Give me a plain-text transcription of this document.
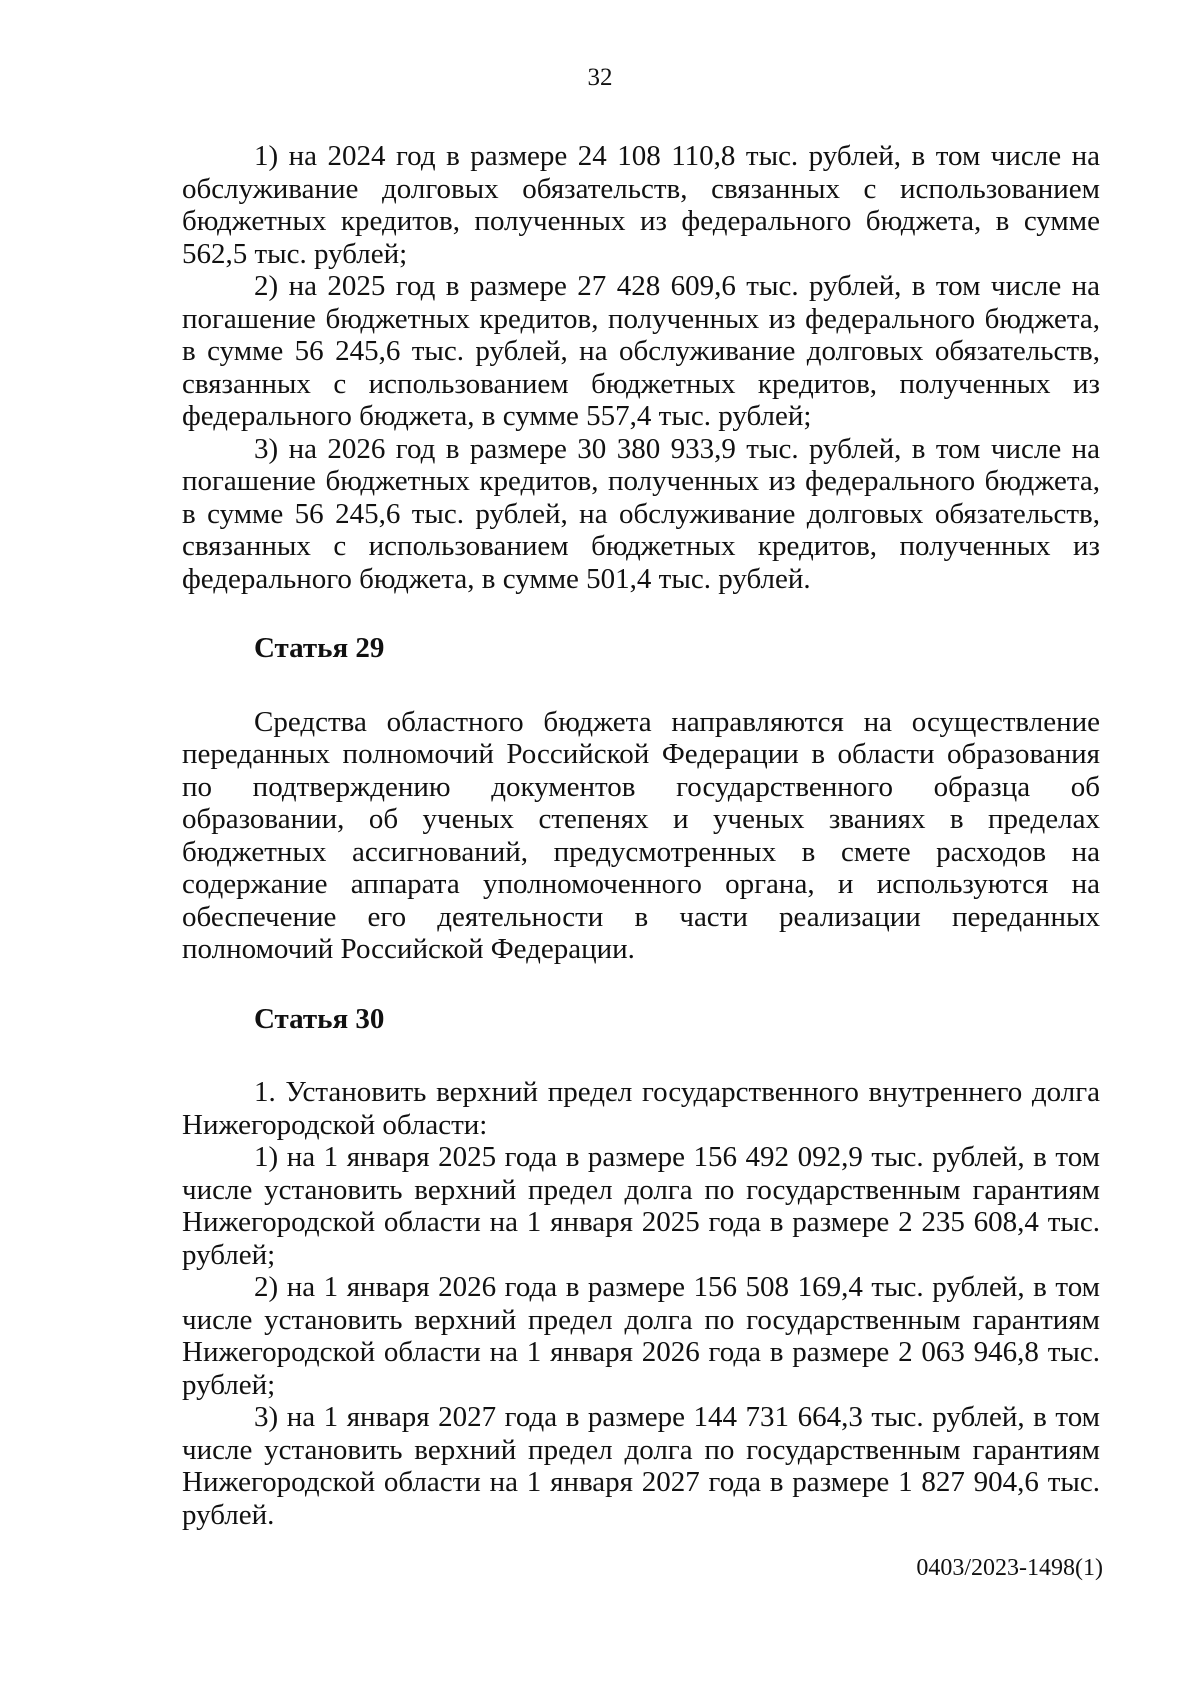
32

1) на 2024 год в размере 24 108 110,8 тыс. рублей, в том числе на обслуживание долговых обязательств, связанных с использованием бюджетных кредитов, полученных из федерального бюджета, в сумме 562,5 тыс. рублей;

2) на 2025 год в размере 27 428 609,6 тыс. рублей, в том числе на погашение бюджетных кредитов, полученных из федерального бюджета, в сумме 56 245,6 тыс. рублей, на обслуживание долговых обязательств, связанных с использованием бюджетных кредитов, полученных из федерального бюджета, в сумме 557,4 тыс. рублей;

3) на 2026 год в размере 30 380 933,9 тыс. рублей, в том числе на погашение бюджетных кредитов, полученных из федерального бюджета, в сумме 56 245,6 тыс. рублей, на обслуживание долговых обязательств, связанных с использованием бюджетных кредитов, полученных из федерального бюджета, в сумме 501,4 тыс. рублей.

Статья 29

Средства областного бюджета направляются на осуществление переданных полномочий Российской Федерации в области образования по подтверждению документов государственного образца об образовании, об ученых степенях и ученых званиях в пределах бюджетных ассигнований, предусмотренных в смете расходов на содержание аппарата уполномоченного органа, и используются на обеспечение его деятельности в части реализации переданных полномочий Российской Федерации.

Статья 30

1. Установить верхний предел государственного внутреннего долга Нижегородской области:

1) на 1 января 2025 года в размере 156 492 092,9 тыс. рублей, в том числе установить верхний предел долга по государственным гарантиям Нижегородской области на 1 января 2025 года в размере 2 235 608,4 тыс. рублей;

2) на 1 января 2026 года в размере 156 508 169,4 тыс. рублей, в том числе установить верхний предел долга по государственным гарантиям Нижегородской области на 1 января 2026 года в размере 2 063 946,8 тыс. рублей;

3) на 1 января 2027 года в размере 144 731 664,3 тыс. рублей, в том числе установить верхний предел долга по государственным гарантиям Нижегородской области на 1 января 2027 года в размере 1 827 904,6 тыс. рублей.

0403/2023-1498(1)
